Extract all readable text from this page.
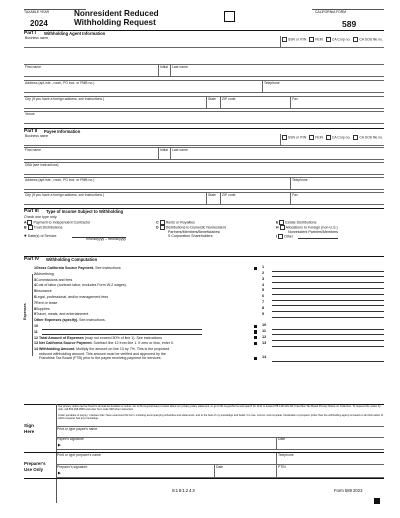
TAXABLE YEAR
2024
Nonresident Reduced
Withholding Request
CALIFORNIA FORM
589
Part I Withholding Agent Information
Business name	SSN or ITIN	FEIN	CA Corp no.	CA SOS file no.
First name	Initial Last name
Address (apt./ste., room, PO box, or PMB no.)	Telephone
City (If you have a foreign address, see instructions.)	State ZIP code	Fax
Venue
Part II Payee Information
Business name	SSN or ITIN	FEIN	CA Corp no.	CA SOS file no.
First name	Initial Last name
DBA (see instructions)
Address (apt./ste., room, PO box, or PMB no.)	Telephone
City (If you have a foreign address, see instructions.)	State ZIP code	Fax
Part III Type of Income Subject to Withholding
Check one type only.
A Payment to Independent Contractor
B Trust Distributions
● Date(s) of Service
mm/dd/yyyy – mm/dd/yyyy
C Rents or Royalties
D Distributions to Domestic Nonresident
Partners/Members/Beneficiaries/
S Corporation Shareholders
E Estate Distributions
H Allocations to Foreign (non-U.S.)
Nonresident Partners/Members
I Other
Part IV Withholding Computation
Expenses
1Gross California Source Payment. See instructions	1
2Advertising	2
3Commissions and fees	3
4Cost of labor (contract labor, excludes Form W-2 wages).	4
5Insurance	5
6Legal, professional, and/or management fees	6
7Rent or lease	7
8Supplies	8
9Travel, meals, and entertainment	9
Other Expenses (specify). See instructions.
10	10
11	11
12 Total Amount of Expenses (may not exceed 50% of line 1). See instructions	12
13 Net California Source Payment. Subtract line 12 from line 1. If zero or less, enter 0.	13
14 Withholding Amount. Multiply the amount on line 13 by 7%. This is the proposed
reduced withholding amount. This amount must be verified and approved by the
Franchise Tax Board (FTB) prior to the payee receiving payment for services.	14
Sign
Here
Our privacy notice can be found in annual tax booklets or online. Go to ftb.ca.gov/privacy to learn about our privacy policy statement, or go to ftb.ca.gov/forms and search for 1131 to locate FTB 1131 EN-SP, Franchise Tax Board Privacy Notice on Collection. To request this notice by mail, call 800.338.0505 and enter form code 948 when instructed.
Under penalties of perjury, I declare that I have examined this form, including accompanying schedules and statements, and to the best of my knowledge and belief, it is true, correct, and complete. Declaration of preparer (other than the withholding agent) is based on all information of which preparer has any knowledge.
Print or type payee's name
Payee's signature
▶
Date
Print or type preparer's name	Telephone
Preparer's
Use Only	Preparer's signature
▶
Date	PTIN
8101243	Form 589 2023
